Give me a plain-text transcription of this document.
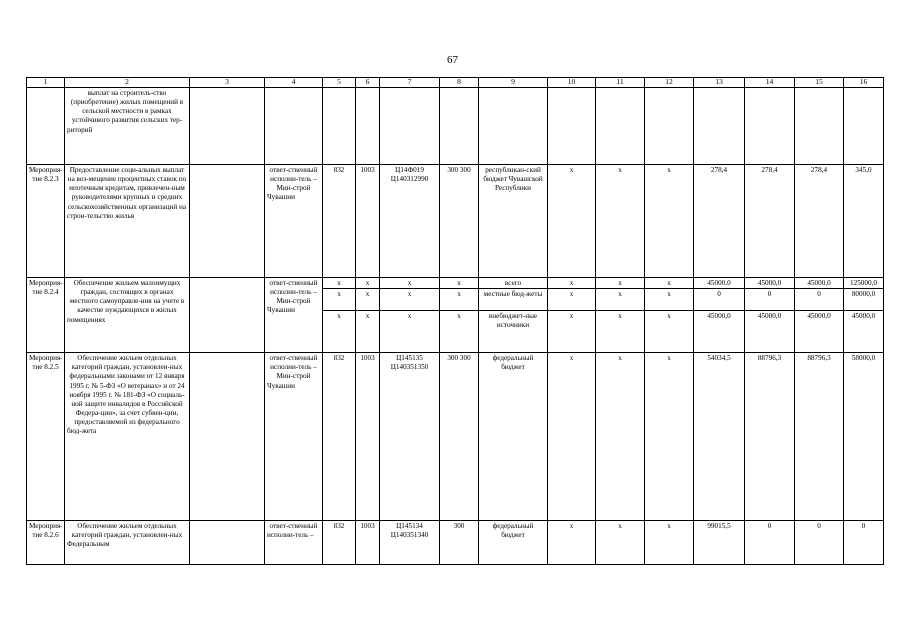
67
1	2	3	4	5	6	7	8	9	10	11	12	13	14	15	16
	выплат на строитель-ство (приобретение) жилых помещений в сельской местности в рамках устойчивого развития сельских тер-риторий														
Мероприя-тие 8.2.3	Предоставление соци-альных выплат на воз-мещение процентных ставок по ипотечным кредитам, привлечен-ным руководителями крупных и средних сельскохозяйственных организаций на строи-тельство жилья		ответ-ственный исполни-тель – Мин-строй Чувашии	832	1003	Ц14Ф019 Ц140312990	300 300	республикан-ский бюджет Чувашской Республики	х	х	х	278,4	278,4	278,4	345,0
Мероприя-тие 8.2.4	Обеспечение жильем малоимущих граждан, состоящих в органах местного самоуправле-ния на учете в качестве нуждающихся в жилых помещениях		ответ-ственный исполни-тель – Мин-строй Чувашии	х	х	х	х	всего	х	х	х	45000,0	45000,0	45000,0	125000,0
				х	х	х	х	местные бюд-жеты	х	х	х	0	0	0	80000,0
				х	х	х	х	внебюджет-ные источники	х	х	х	45000,0	45000,0	45000,0	45000,0
Мероприя-тие 8.2.5	Обеспечение жильем отдельных категорий граждан, установлен-ных федеральными законами от 12 января 1995 г. № 5-ФЗ «О ветеранах» и от 24 ноября 1995 г. № 181-ФЗ «О социаль-ной защите инвалидов в Российской Федера-ции», за счет субвен-ции, предоставляемой из федерального бюд-жета		ответ-ственный исполни-тель – Мин-строй Чувашии	832	1003	Ц145135 Ц140351350	300 300	федеральный бюджет	х	х	х	54034,5	88796,3	88796,3	58000,0
Мероприя-тие 8.2.6	Обеспечение жильем отдельных категорий граждан, установлен-ных Федеральным		ответ-ственный исполни-тель –	832	1003	Ц145134 Ц140351340	300	федеральный бюджет	х	х	х	99015,5	0	0	0
